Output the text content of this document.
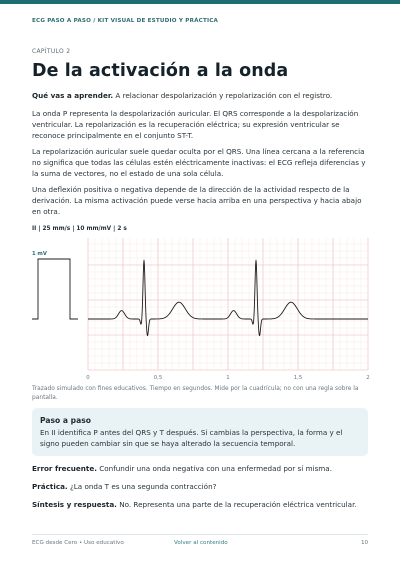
ECG PASO A PASO / KIT VISUAL DE ESTUDIO Y PRÁCTICA
CAPÍTULO 2
De la activación a la onda

Qué vas a aprender. A relacionar despolarización y repolarización con el registro.

La onda P representa la despolarización auricular. El QRS corresponde a la despolarización ventricular. La repolarización es la recuperación eléctrica; su expresión ventricular se reconoce principalmente en el conjunto ST-T.

La repolarización auricular suele quedar oculta por el QRS. Una línea cercana a la referencia no significa que todas las células estén eléctricamente inactivas: el ECG refleja diferencias y la suma de vectores, no el estado de una sola célula.

Una deflexión positiva o negativa depende de la dirección de la actividad respecto de la derivación. La misma activación puede verse hacia arriba en una perspectiva y hacia abajo en otra.

II | 25 mm/s | 10 mm/mV | 2 s
1 mV
0	0,5	1	1,5	2
Trazado simulado con fines educativos. Tiempo en segundos. Mide por la cuadrícula; no con una regla sobre la pantalla.
Paso a paso
En II identifica P antes del QRS y T después. Si cambias la perspectiva, la forma y el signo pueden cambiar sin que se haya alterado la secuencia temporal.

Error frecuente. Confundir una onda negativa con una enfermedad por sí misma.

Práctica. ¿La onda T es una segunda contracción?

Síntesis y respuesta. No. Representa una parte de la recuperación eléctrica ventricular.

ECG desde Cero • Uso educativo	Volver al contenido	10
